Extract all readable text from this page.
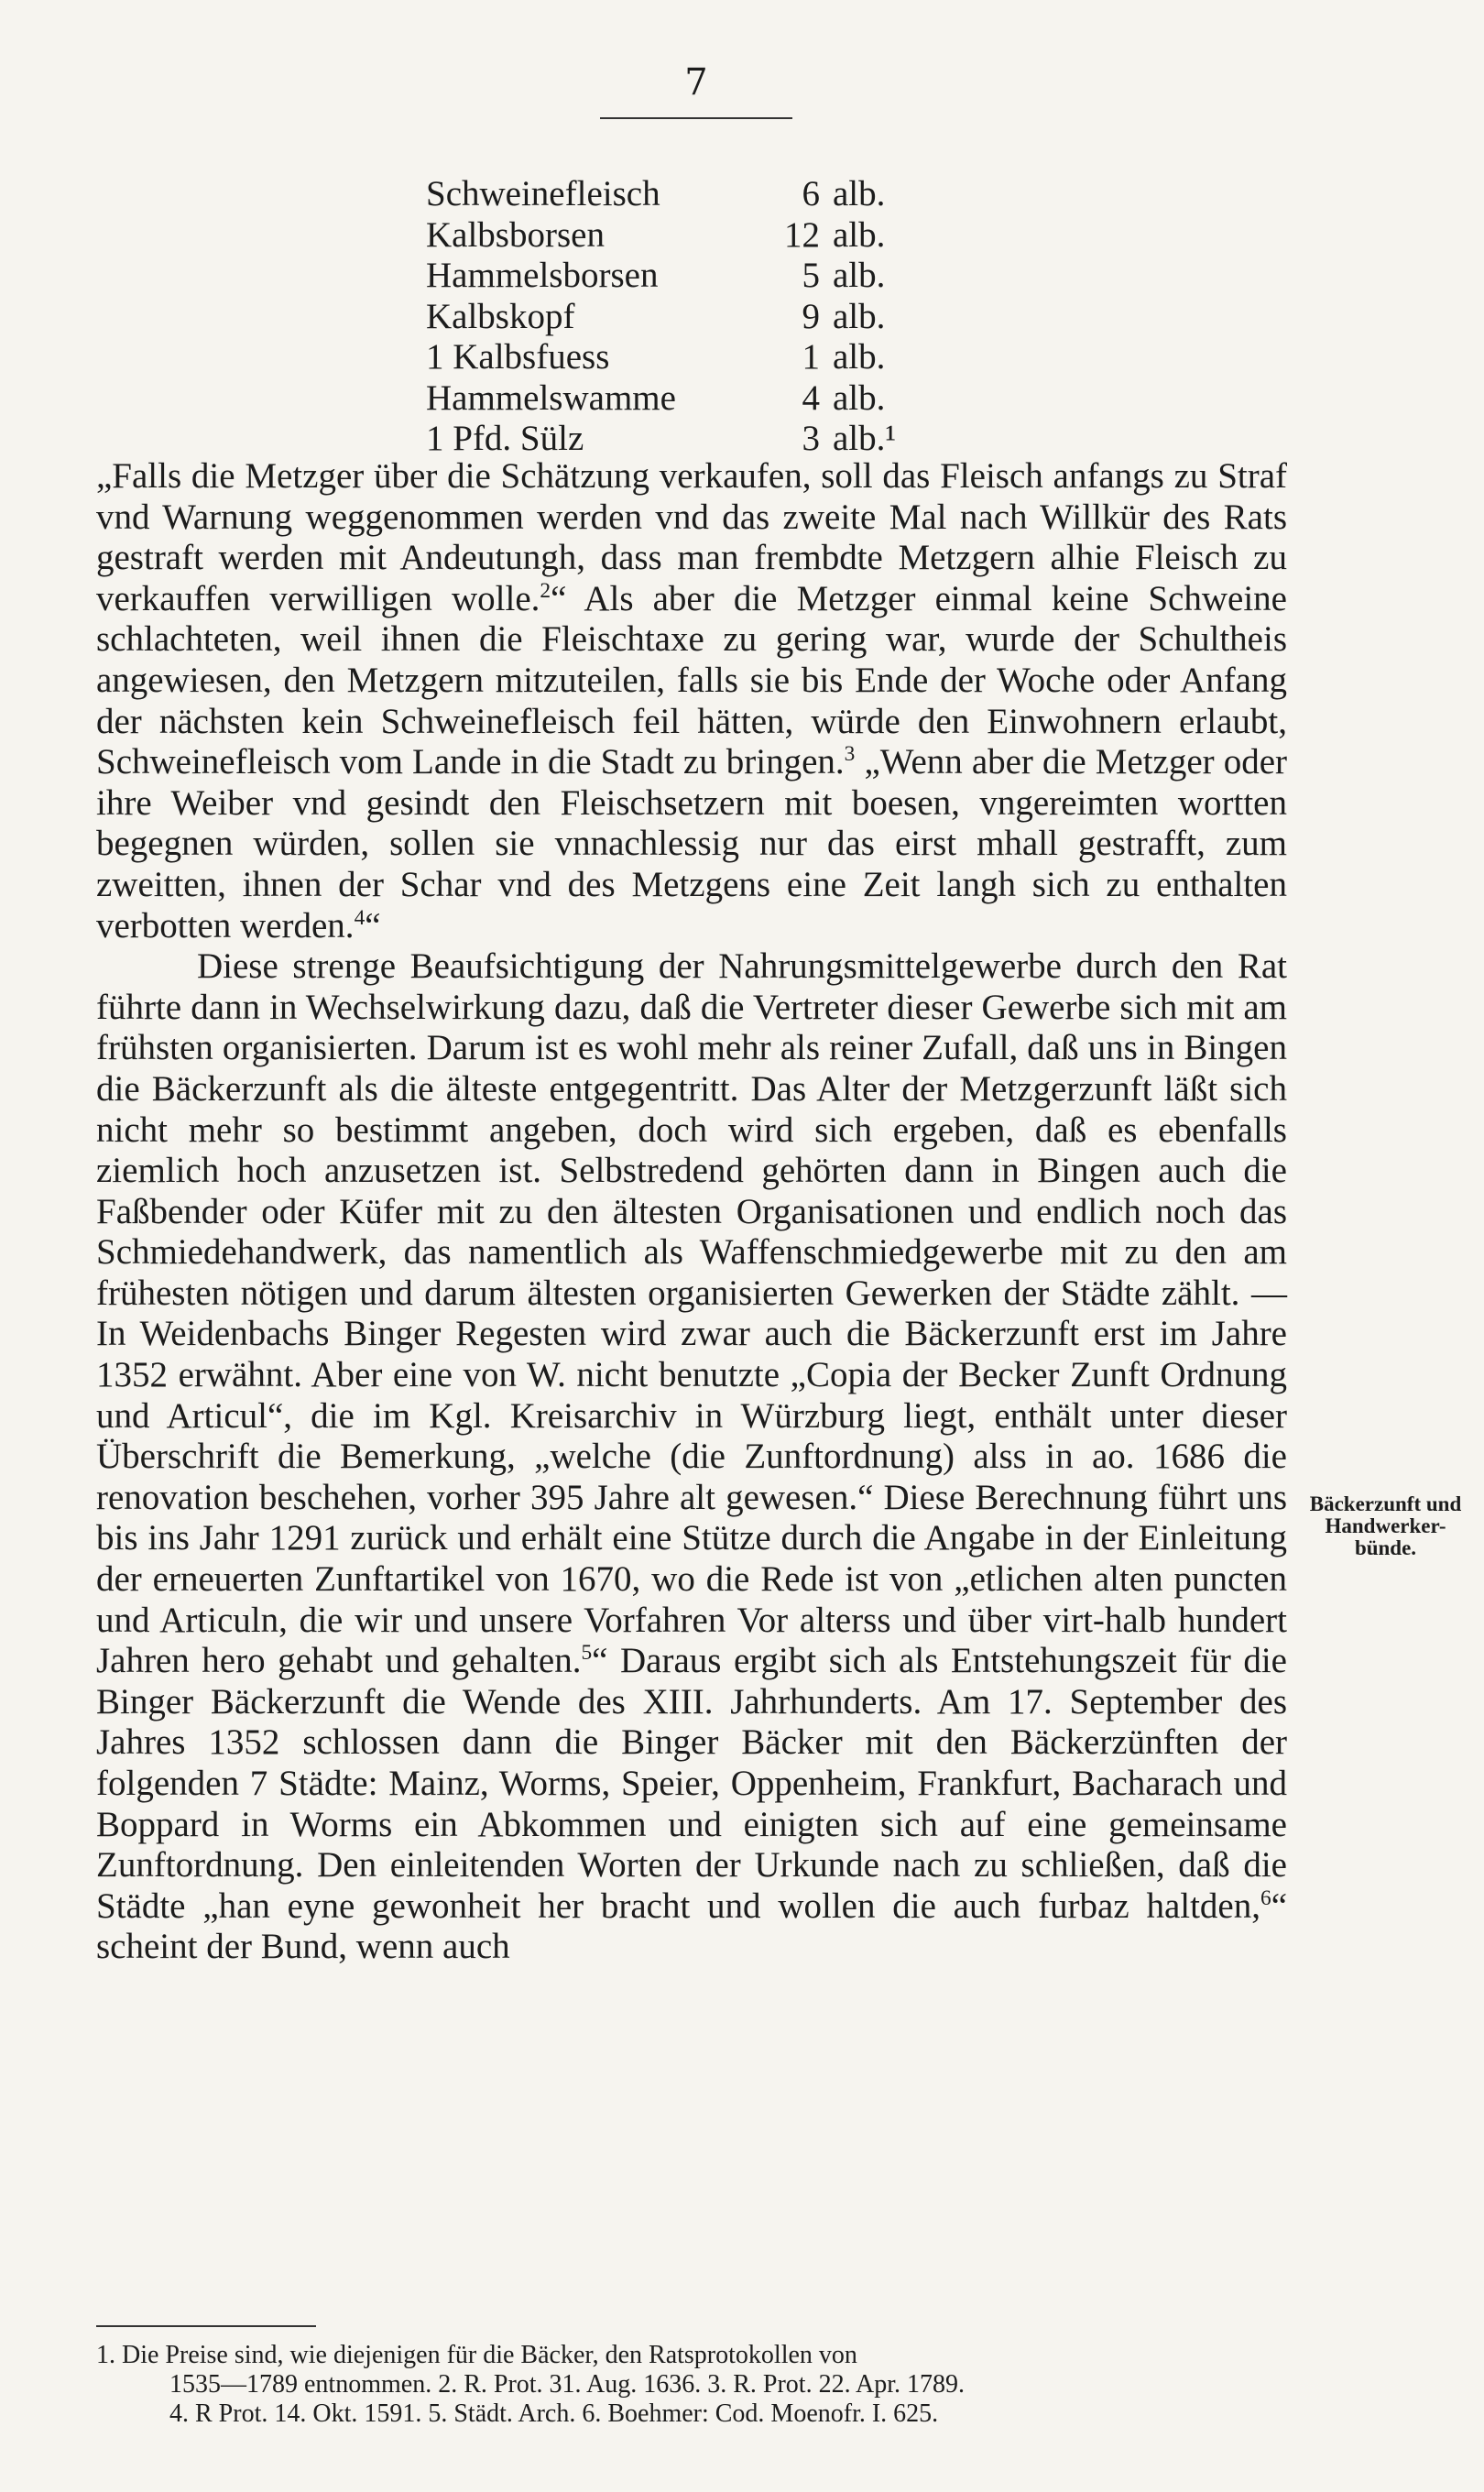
7
Schweinefleisch	6 alb.
Kalbsborsen	12 alb.
Hammelsborsen	5 alb.
Kalbskopf	9 alb.
1 Kalbsfuess	1 alb.
Hammelswamme	4 alb.
1 Pfd. Sülz	3 alb.¹

„Falls die Metzger über die Schätzung verkaufen, soll das Fleisch anfangs zu Straf vnd Warnung weggenommen werden vnd das zweite Mal nach Willkür des Rats gestraft werden mit Andeutungh, dass man frembdte Metzgern alhie Fleisch zu verkauffen verwilligen wolle.$^2$“ Als aber die Metzger einmal keine Schweine schlachteten, weil ihnen die Fleischtaxe zu gering war, wurde der Schultheis angewiesen, den Metzgern mitzuteilen, falls sie bis Ende der Woche oder Anfang der nächsten kein Schweinefleisch feil hätten, würde den Einwohnern erlaubt, Schweinefleisch vom Lande in die Stadt zu bringen.$^3$ „Wenn aber die Metzger oder ihre Weiber vnd gesindt den Fleischsetzern mit boesen, vngereimten wortten begegnen würden, sollen sie vnnachlessig nur das eirst mhall gestrafft, zum zweitten, ihnen der Schar vnd des Metzgens eine Zeit langh sich zu enthalten verbotten werden.$^4$“

Diese strenge Beaufsichtigung der Nahrungsmittelgewerbe durch den Rat führte dann in Wechselwirkung dazu, daß die Vertreter dieser Gewerbe sich mit am frühsten organisierten. Darum ist es wohl mehr als reiner Zufall, daß uns in Bingen die Bäckerzunft als die älteste entgegentritt. Das Alter der Metzgerzunft läßt sich nicht mehr so bestimmt angeben, doch wird sich ergeben, daß es ebenfalls ziemlich hoch anzusetzen ist. Selbstredend gehörten dann in Bingen auch die Faßbender oder Küfer mit zu den ältesten Organisationen und endlich noch das Schmiedehandwerk, das namentlich als Waffenschmiedgewerbe mit zu den am frühesten nötigen und darum ältesten organisierten Gewerken der Städte zählt. — In Weidenbachs Binger Regesten wird zwar auch die Bäckerzunft erst im Jahre 1352 erwähnt. Aber eine von W. nicht benutzte „Copia der Becker Zunft Ordnung und Articul“, die im Kgl. Kreisarchiv in Würzburg liegt, enthält unter dieser Überschrift die Bemerkung, „welche (die Zunftordnung) alss in ao. 1686 die renovation beschehen, vorher 395 Jahre alt gewesen.“ Diese Berechnung führt uns bis ins Jahr 1291 zurück und erhält eine Stütze durch die Angabe in der Einleitung der erneuerten Zunftartikel von 1670, wo die Rede ist von „etlichen alten puncten und Articuln, die wir und unsere Vorfahren Vor alterss und über virt-halb hundert Jahren hero gehabt und gehalten.$^5$“ Daraus ergibt sich als Entstehungszeit für die Binger Bäckerzunft die Wende des XIII. Jahrhunderts. Am 17. September des Jahres 1352 schlossen dann die Binger Bäcker mit den Bäckerzünften der folgenden 7 Städte: Mainz, Worms, Speier, Oppenheim, Frankfurt, Bacharach und Boppard in Worms ein Abkommen und einigten sich auf eine gemeinsame Zunftordnung. Den einleitenden Worten der Urkunde nach zu schließen, daß die Städte „han eyne gewonheit her bracht und wollen die auch furbaz haltden,$^6$“ scheint der Bund, wenn auch

Bäckerzunft und
Handwerker-
bünde.
1. Die Preise sind, wie diejenigen für die Bäcker, den Ratsprotokollen von
1535—1789 entnommen. 2. R. Prot. 31. Aug. 1636. 3. R. Prot. 22. Apr. 1789.
4. R Prot. 14. Okt. 1591. 5. Städt. Arch. 6. Boehmer: Cod. Moenofr. I. 625.
